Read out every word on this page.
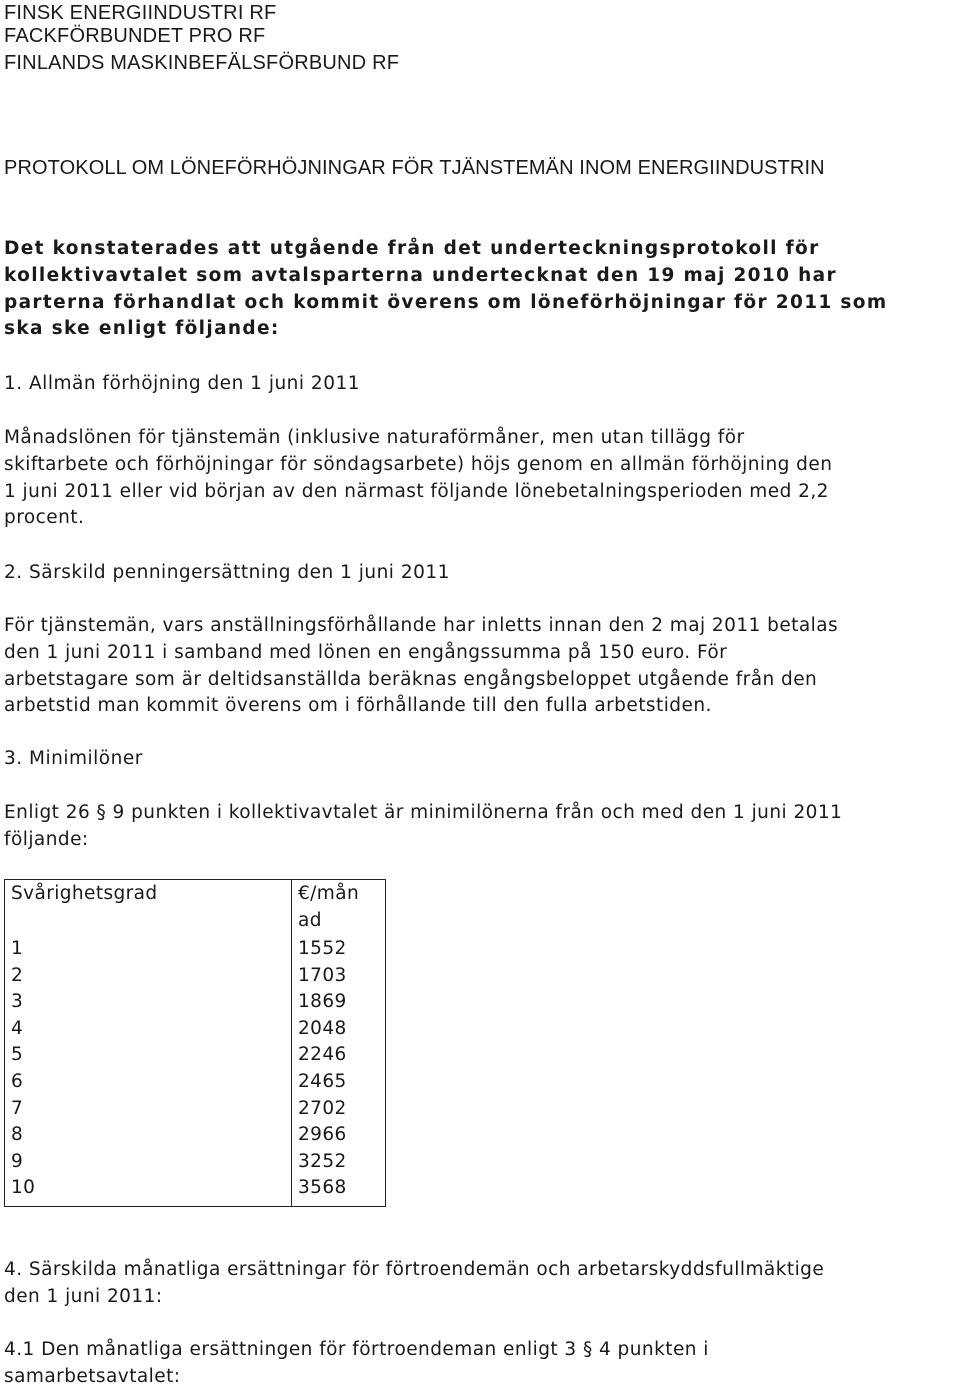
FINSK ENERGIINDUSTRI RF
FACKFÖRBUNDET PRO RF
FINLANDS MASKINBEFÄLSFÖRBUND RF
PROTOKOLL OM LÖNEFÖRHÖJNINGAR FÖR TJÄNSTEMÄN INOM ENERGIINDUSTRIN
Det konstaterades att utgående från det underteckningsprotokoll för
kollektivavtalet som avtalsparterna undertecknat den 19 maj 2010 har
parterna förhandlat och kommit överens om löneförhöjningar för 2011 som
ska ske enligt följande:
1. Allmän förhöjning den 1 juni 2011
Månadslönen för tjänstemän (inklusive naturaförmåner, men utan tillägg för
skiftarbete och förhöjningar för söndagsarbete) höjs genom en allmän förhöjning den
1 juni 2011 eller vid början av den närmast följande lönebetalningsperioden med 2,2
procent.
2. Särskild penningersättning den 1 juni 2011
För tjänstemän, vars anställningsförhållande har inletts innan den 2 maj 2011 betalas
den 1 juni 2011 i samband med lönen en engångssumma på 150 euro. För
arbetstagare som är deltidsanställda beräknas engångsbeloppet utgående från den
arbetstid man kommit överens om i förhållande till den fulla arbetstiden.
3. Minimilöner
Enligt 26 § 9 punkten i kollektivavtalet är minimilönerna från och med den 1 juni 2011
följande:
Svårighetsgrad	€/mån ad

1	1552
2	1703
3	1869
4	2048
5	2246
6	2465
7	2702
8	2966
9	3252
10	3568
4. Särskilda månatliga ersättningar för förtroendemän och arbetarskyddsfullmäktige
den 1 juni 2011:
4.1 Den månatliga ersättningen för förtroendeman enligt 3 § 4 punkten i
samarbetsavtalet:
